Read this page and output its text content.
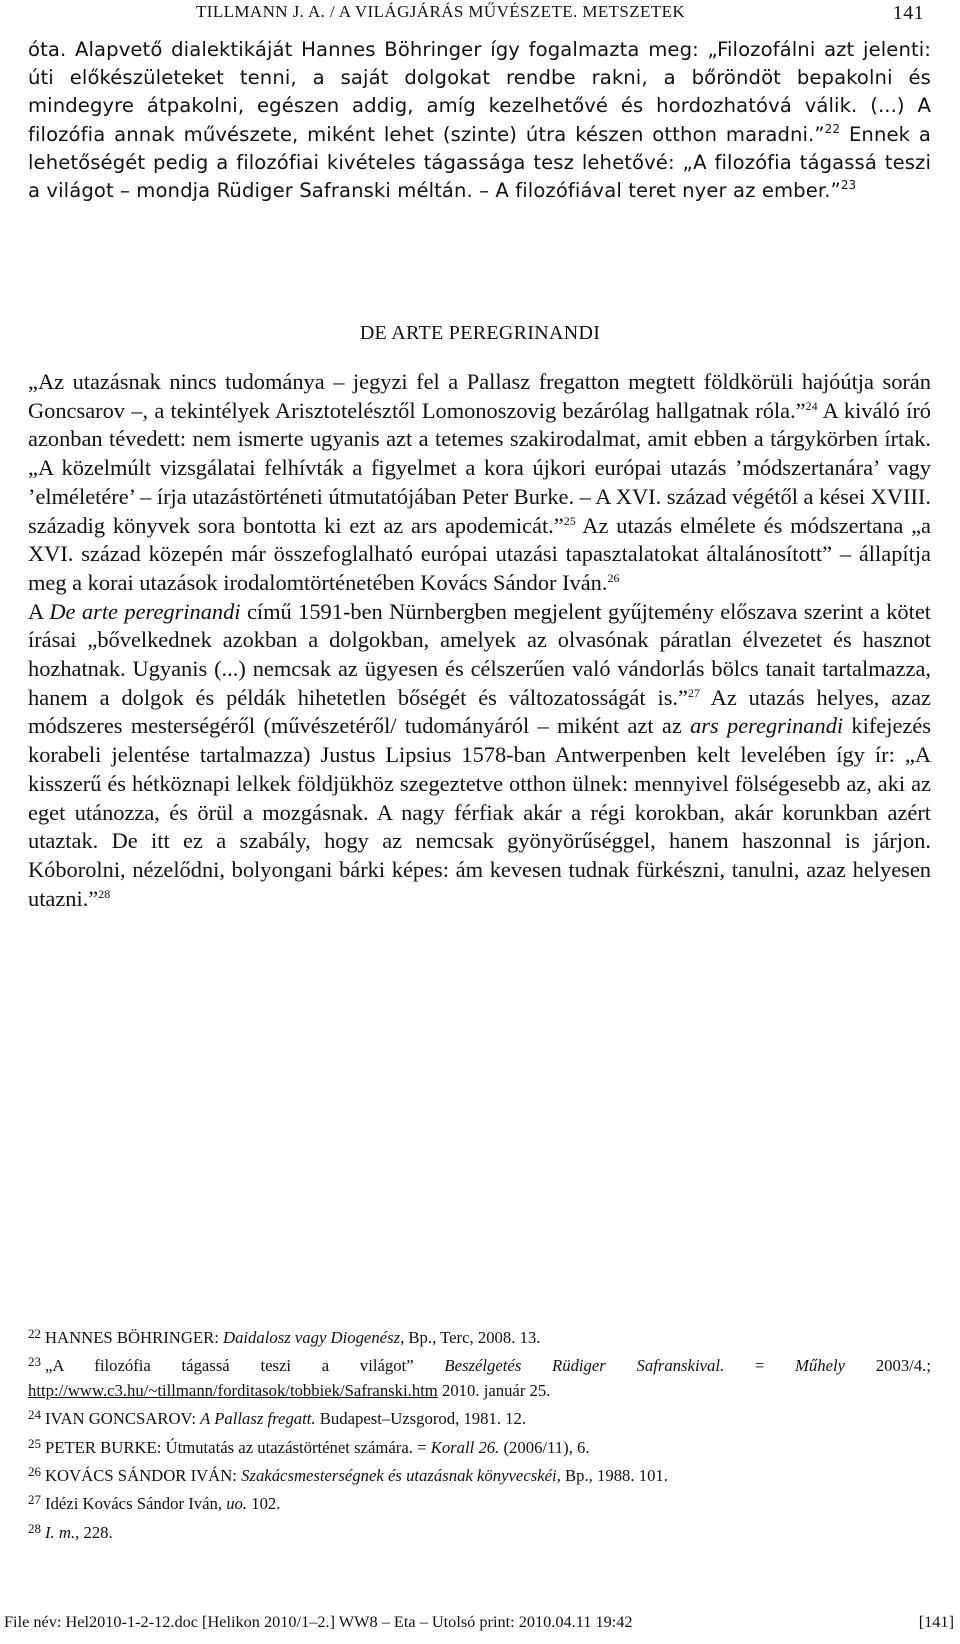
TILLMANN J. A. / A VILÁGJÁRÁS MŰVÉSZETE. METSZETEK	141

óta. Alapvető dialektikáját Hannes Böhringer így fogalmazta meg: „Filozofálni azt jelenti: úti előkészületeket tenni, a saját dolgokat rendbe rakni, a bőröndöt bepakolni és mindegyre átpakolni, egészen addig, amíg kezelhetővé és hordozhatóvá válik. (...) A filozófia annak művészete, miként lehet (szinte) útra készen otthon maradni.”$^{22}$ Ennek a lehetőségét pedig a filozófiai kivételes tágassága tesz lehetővé: „A filozófia tágassá teszi a világot – mondja Rüdiger Safranski méltán. – A filozófiával teret nyer az ember.”$^{23}$

DE ARTE PEREGRINANDI

„Az utazásnak nincs tudománya – jegyzi fel a Pallasz fregatton megtett földkörüli hajóútja során Goncsarov –, a tekintélyek Arisztotelésztől Lomonoszovig bezárólag hallgatnak róla.”$^{24}$ A kiváló író azonban tévedett: nem ismerte ugyanis azt a tetemes szakirodalmat, amit ebben a tárgykörben írtak. „A közelmúlt vizsgálatai felhívták a figyelmet a kora újkori európai utazás ’módszertanára’ vagy ’elméletére’ – írja utazástörténeti útmutatójában Peter Burke. – A XVI. század végétől a kései XVIII. századig könyvek sora bontotta ki ezt az ars apodemicát.”$^{25}$ Az utazás elmélete és módszertana „a XVI. század közepén már összefoglalható európai utazási tapasztalatokat általánosított” – állapítja meg a korai utazások irodalomtörténetében Kovács Sándor Iván.$^{26}$

A De arte peregrinandi című 1591-ben Nürnbergben megjelent gyűjtemény előszava szerint a kötet írásai „bővelkednek azokban a dolgokban, amelyek az olvasónak páratlan élvezetet és hasznot hozhatnak. Ugyanis (...) nemcsak az ügyesen és célszerűen való vándorlás bölcs tanait tartalmazza, hanem a dolgok és példák hihetetlen bőségét és változatosságát is.”$^{27}$ Az utazás helyes, azaz módszeres mesterségéről (művészetéről/ tudományáról – miként azt az ars peregrinandi kifejezés korabeli jelentése tartalmazza) Justus Lipsius 1578-ban Antwerpenben kelt levelében így ír: „A kisszerű és hétköznapi lelkek földjükhöz szegeztetve otthon ülnek: mennyivel fölségesebb az, aki az eget utánozza, és örül a mozgásnak. A nagy férfiak akár a régi korokban, akár korunkban azért utaztak. De itt ez a szabály, hogy az nemcsak gyönyörűséggel, hanem haszonnal is járjon. Kóborolni, nézelődni, bolyongani bárki képes: ám kevesen tudnak fürkészni, tanulni, azaz helyesen utazni.”$^{28}$

$^{22}$ HANNES BÖHRINGER: Daidalosz vagy Diogenész, Bp., Terc, 2008. 13.

$^{23}$ „A filozófia tágassá teszi a világot” Beszélgetés Rüdiger Safranskival. = Műhely 2003/4.; http://www.c3.hu/~tillmann/forditasok/tobbiek/Safranski.htm 2010. január 25.

$^{24}$ IVAN GONCSAROV: A Pallasz fregatt. Budapest–Uzsgorod, 1981. 12.

$^{25}$ PETER BURKE: Útmutatás az utazástörténet számára. = Korall 26. (2006/11), 6.

$^{26}$ KOVÁCS SÁNDOR IVÁN: Szakácsmesterségnek és utazásnak könyvecskéi, Bp., 1988. 101.

$^{27}$ Idézi Kovács Sándor Iván, uo. 102.

$^{28}$ I. m., 228.

File név: Hel2010-1-2-12.doc [Helikon 2010/1–2.] WW8 – Eta – Utolsó print: 2010.04.11 19:42	[141]
